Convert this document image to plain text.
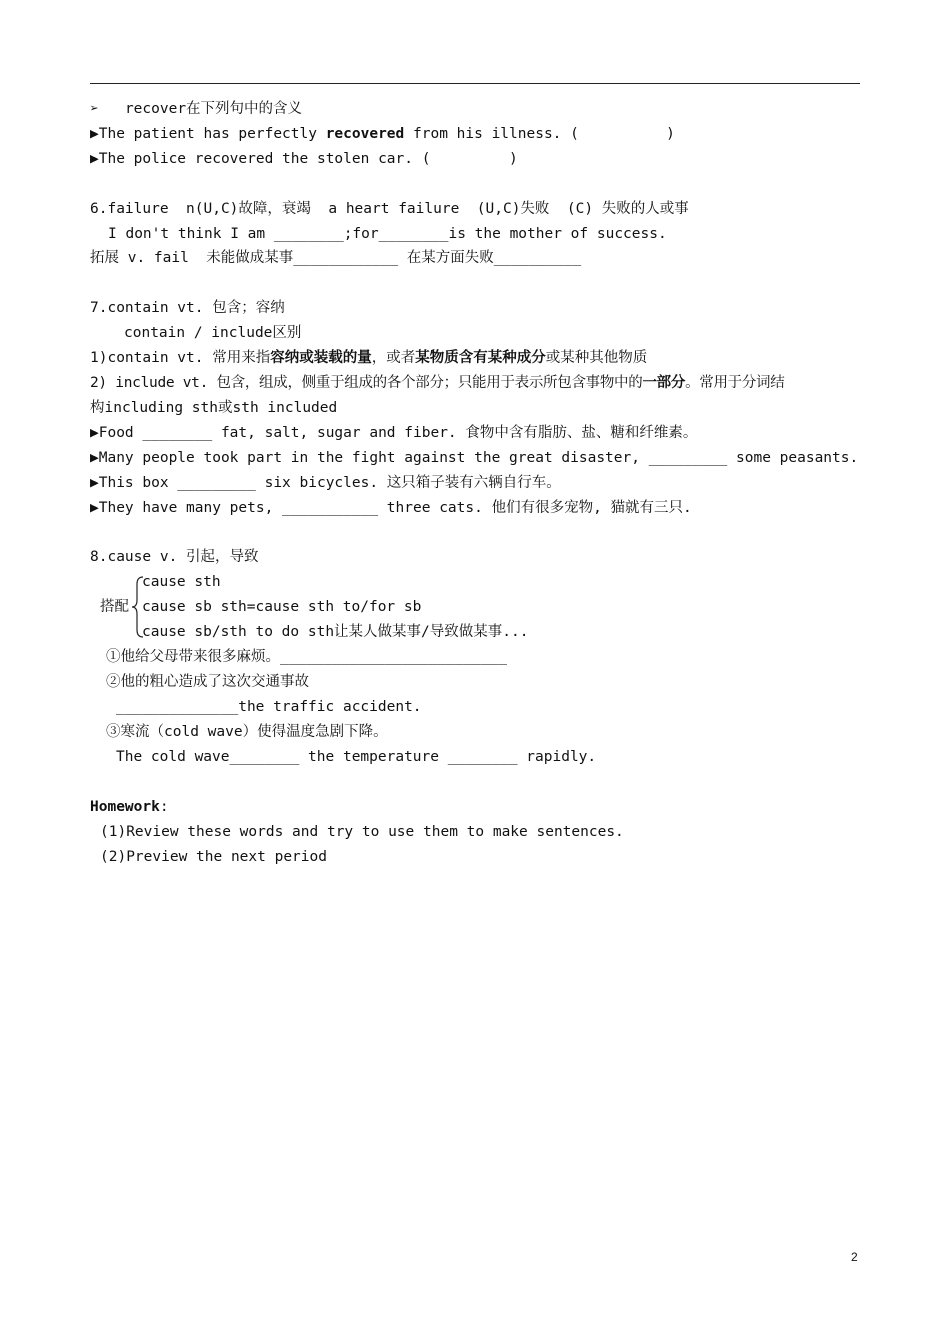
➢ recover在下列句中的含义
▶The patient has perfectly recovered from his illness. (          )
▶The police recovered the stolen car. (         )
6.failure  n(U,C)故障，衰竭  a heart failure  (U,C)失败  (C) 失败的人或事
I don't think I am ________;for________is the mother of success.
拓展 v. fail  未能做成某事____________ 在某方面失败__________
7.contain vt. 包含；容纳
contain / include区别
1)contain vt. 常用来指容纳或装载的量，或者某物质含有某种成分或某种其他物质
2) include vt. 包含，组成，侧重于组成的各个部分；只能用于表示所包含事物中的一部分。常用于分词结
构including sth或sth included
▶Food ________ fat, salt, sugar and fiber. 食物中含有脂肪、盐、糖和纤维素。
▶Many people took part in the fight against the great disaster, _________ some peasants.
▶This box _________ six bicycles. 这只箱子装有六辆自行车。
▶They have many pets, ___________ three cats. 他们有很多宠物, 猫就有三只.
8.cause v. 引起，导致
搭配
cause sth
cause sb sth=cause sth to/for sb
cause sb/sth to do sth让某人做某事/导致做某事...
①他给父母带来很多麻烦。__________________________
②他的粗心造成了这次交通事故
______________the traffic accident.
③寒流（cold wave）使得温度急剧下降。
The cold wave________ the temperature ________ rapidly.
Homework:
(1)Review these words and try to use them to make sentences.
(2)Preview the next period
2
